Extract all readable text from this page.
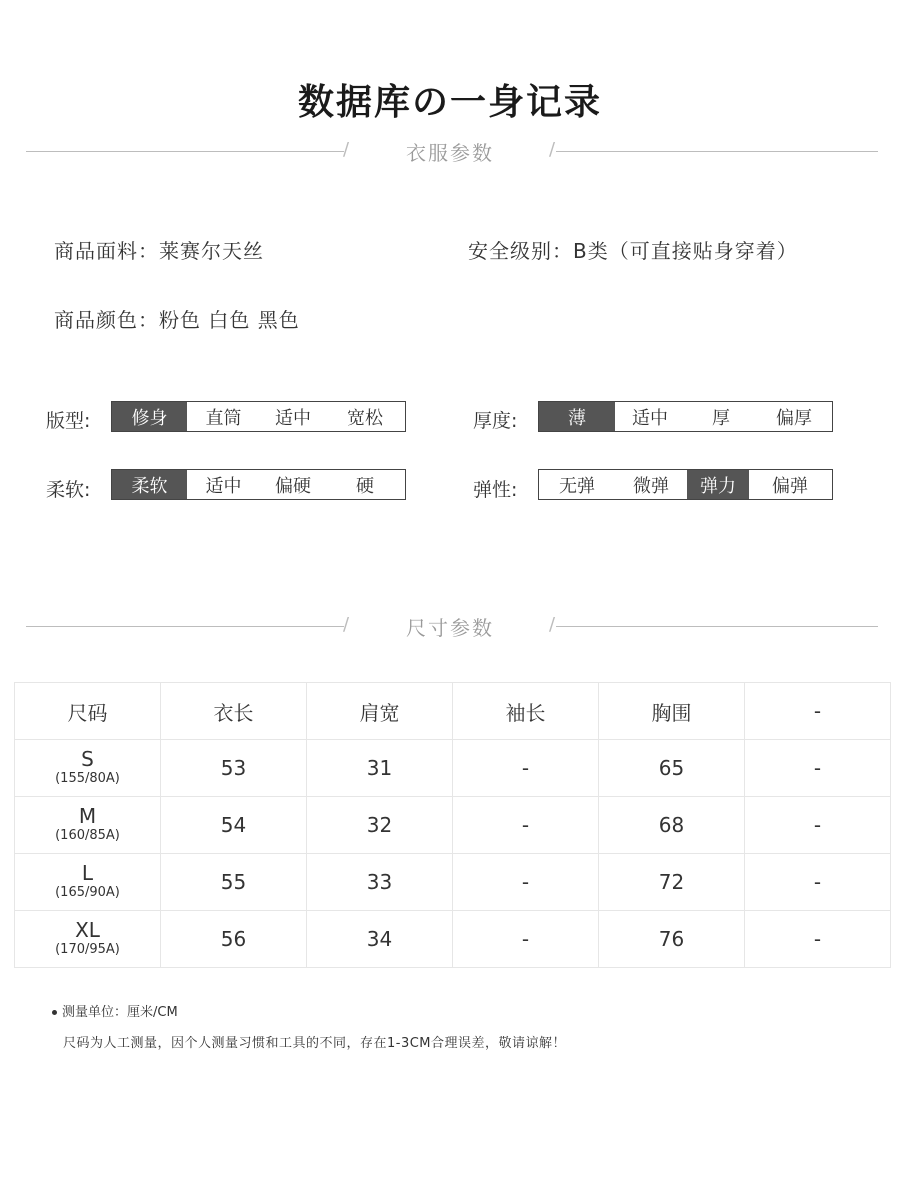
数据库の一身记录
/	衣服参数	/
商品面料：莱赛尔天丝	安全级别：B类（可直接贴身穿着）
商品颜色：粉色 白色 黑色
版型:	修身	直筒	适中	宽松	厚度:	薄	适中	厚	偏厚
柔软:	柔软	适中	偏硬	硬	弹性:	无弹	微弹	弹力	偏弹
/	尺寸参数	/
尺码	衣长	肩宽	袖长	胸围	-

S
(155/80A)	53	31	-	65	-

M
(160/85A)	54	32	-	68	-

L
(165/90A)	55	33	-	72	-

XL
(170/95A)	56	34	-	76	-
测量单位：厘米/CM
尺码为人工测量，因个人测量习惯和工具的不同，存在1-3CM合理误差，敬请谅解！
